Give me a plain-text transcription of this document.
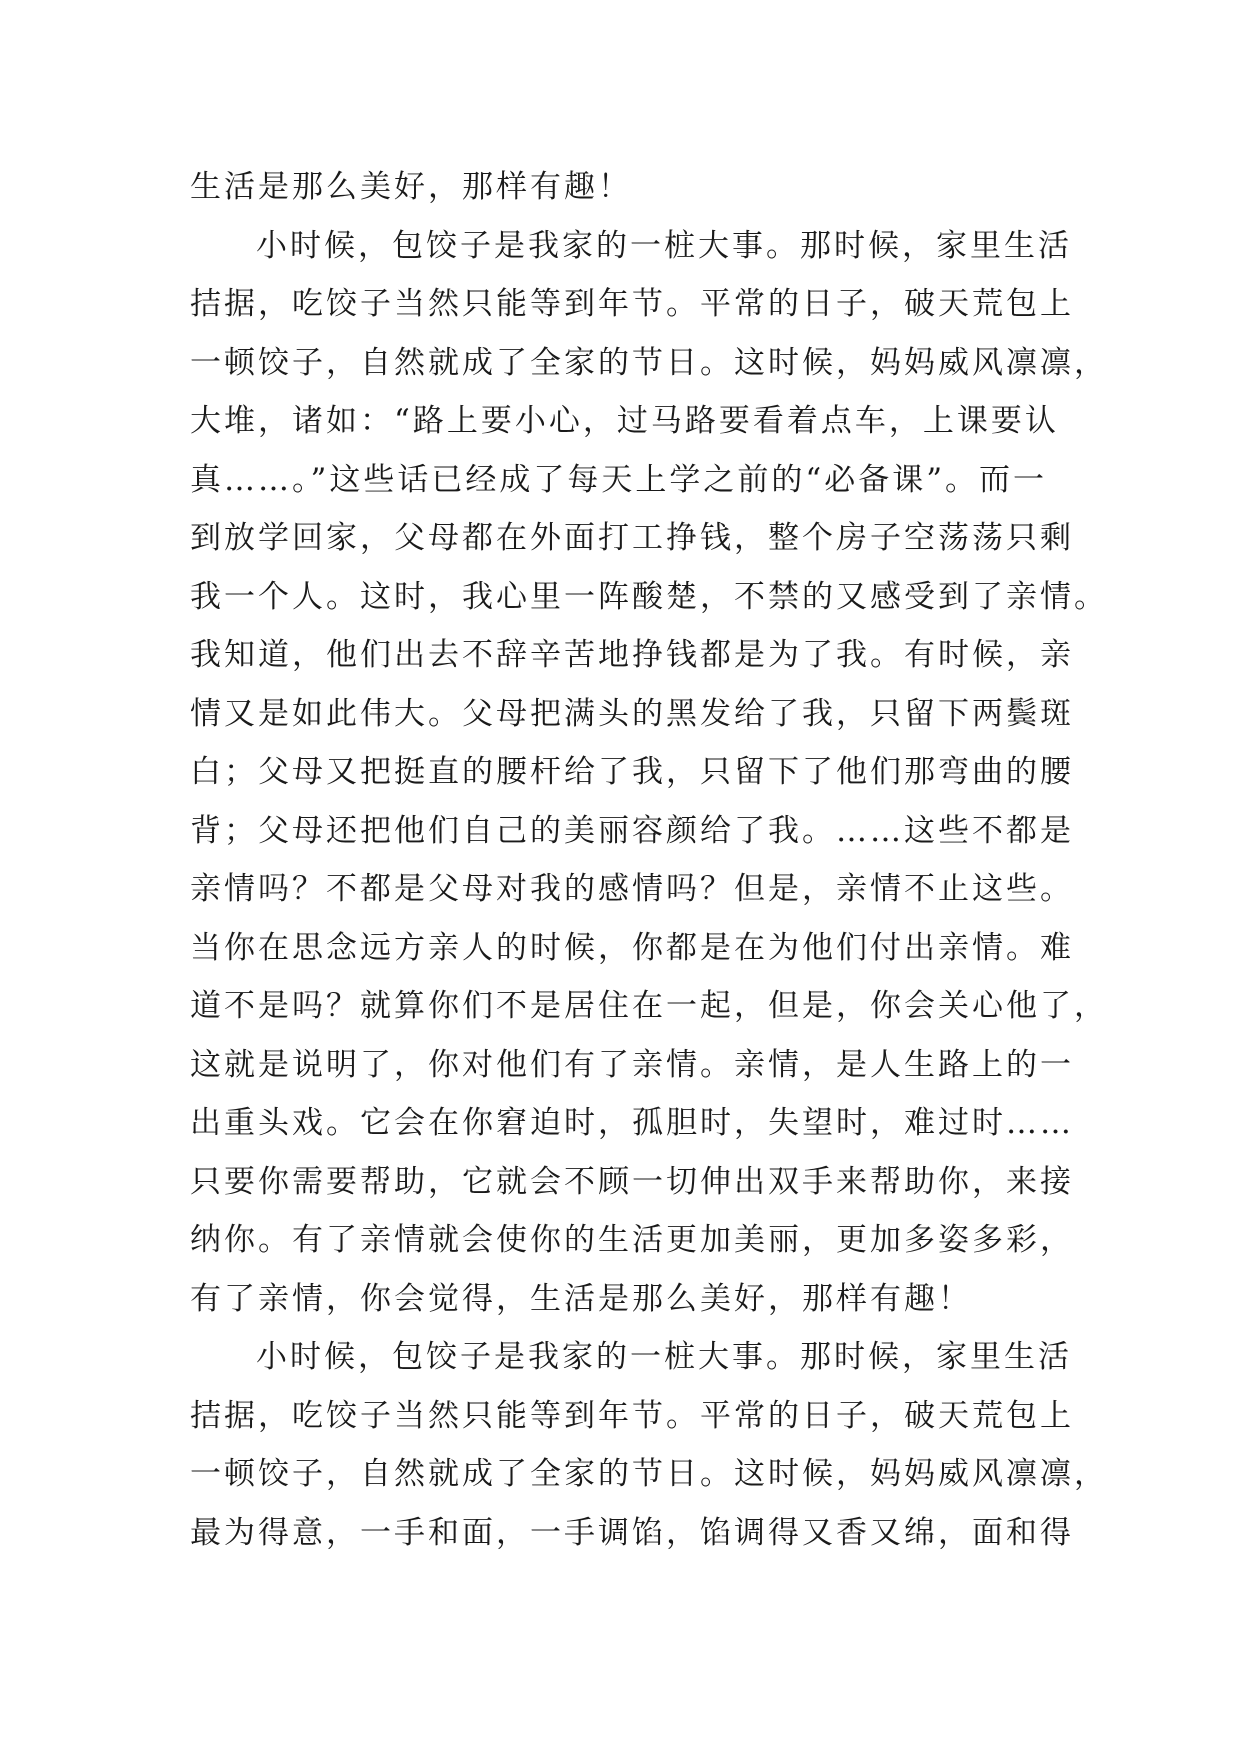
生活是那么美好，那样有趣！
小时候，包饺子是我家的一桩大事。那时候，家里生活
拮据，吃饺子当然只能等到年节。平常的日子，破天荒包上
一顿饺子，自然就成了全家的节日。这时候，妈妈威风凛凛，
大堆，诸如：“路上要小心，过马路要看着点车，上课要认
真……。”这些话已经成了每天上学之前的“必备课”。而一
到放学回家，父母都在外面打工挣钱，整个房子空荡荡只剩
我一个人。这时，我心里一阵酸楚，不禁的又感受到了亲情。
我知道，他们出去不辞辛苦地挣钱都是为了我。有时候，亲
情又是如此伟大。父母把满头的黑发给了我，只留下两鬓斑
白；父母又把挺直的腰杆给了我，只留下了他们那弯曲的腰
背；父母还把他们自己的美丽容颜给了我。……这些不都是
亲情吗？不都是父母对我的感情吗？但是，亲情不止这些。
当你在思念远方亲人的时候，你都是在为他们付出亲情。难
道不是吗？就算你们不是居住在一起，但是，你会关心他了，
这就是说明了，你对他们有了亲情。亲情，是人生路上的一
出重头戏。它会在你窘迫时，孤胆时，失望时，难过时……
只要你需要帮助，它就会不顾一切伸出双手来帮助你，来接
纳你。有了亲情就会使你的生活更加美丽，更加多姿多彩，
有了亲情，你会觉得，生活是那么美好，那样有趣！
小时候，包饺子是我家的一桩大事。那时候，家里生活
拮据，吃饺子当然只能等到年节。平常的日子，破天荒包上
一顿饺子，自然就成了全家的节日。这时候，妈妈威风凛凛，
最为得意，一手和面，一手调馅，馅调得又香又绵，面和得
